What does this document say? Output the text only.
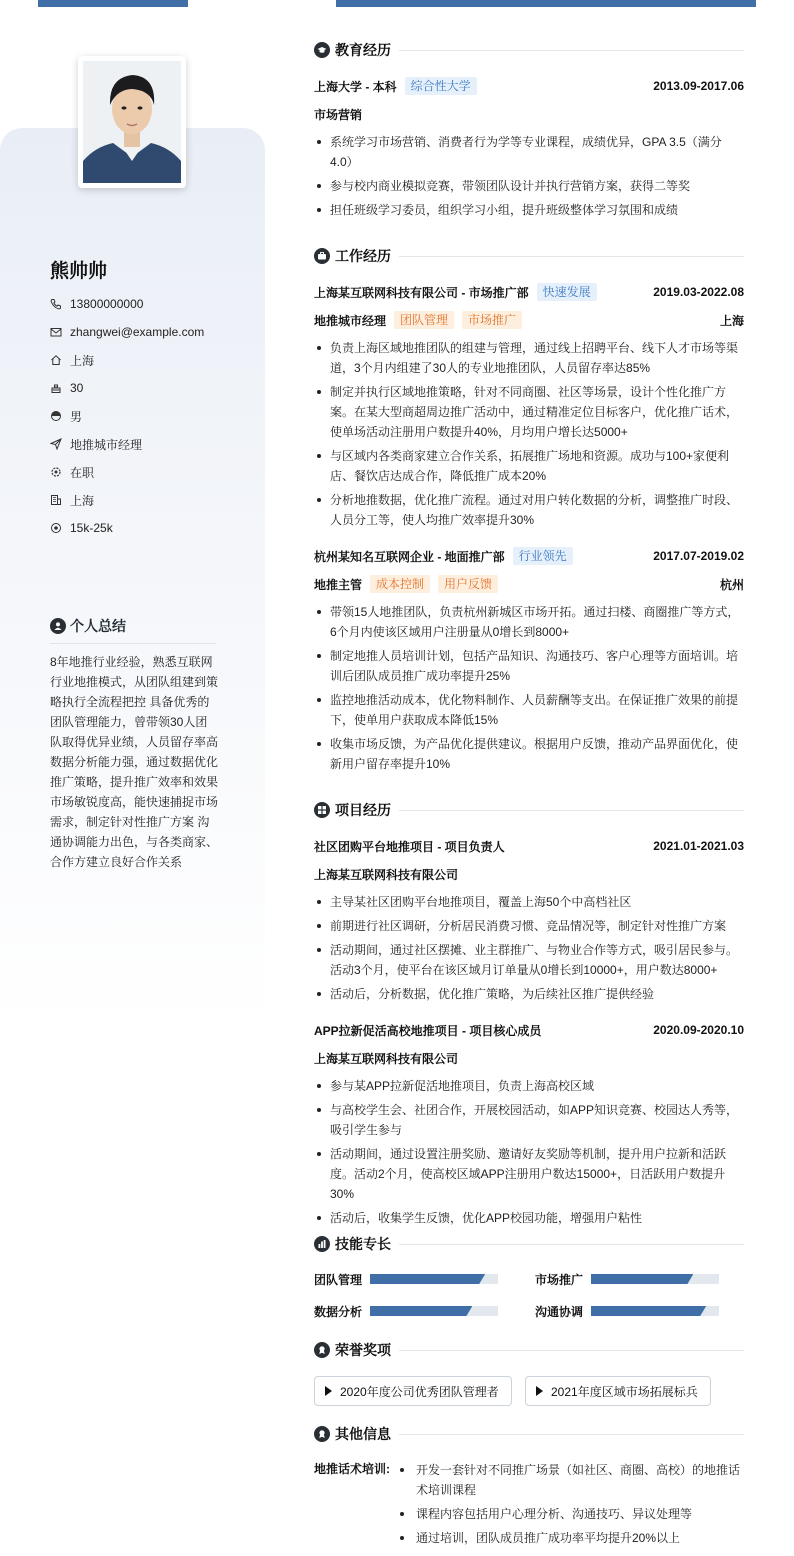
熊帅帅
13800000000
zhangwei@example.com
上海
30
男
地推城市经理
在职
上海
15k-25k
个人总结
8年地推行业经验，熟悉互联网行业地推模式，从团队组建到策略执行全流程把控 具备优秀的团队管理能力，曾带领30人团队取得优异业绩，人员留存率高 数据分析能力强，通过数据优化推广策略，提升推广效率和效果 市场敏锐度高，能快速捕捉市场需求，制定针对性推广方案 沟通协调能力出色，与各类商家、合作方建立良好合作关系
教育经历
上海大学 - 本科	综合性大学	2013.09-2017.06
市场营销
系统学习市场营销、消费者行为学等专业课程，成绩优异，GPA 3.5（满分4.0）
参与校内商业模拟竞赛，带领团队设计并执行营销方案，获得二等奖
担任班级学习委员，组织学习小组，提升班级整体学习氛围和成绩
工作经历
上海某互联网科技有限公司 - 市场推广部	快速发展	2019.03-2022.08
地推城市经理	团队管理	市场推广	上海
负责上海区域地推团队的组建与管理，通过线上招聘平台、线下人才市场等渠道，3个月内组建了30人的专业地推团队，人员留存率达85%
制定并执行区域地推策略，针对不同商圈、社区等场景，设计个性化推广方案。在某大型商超周边推广活动中，通过精准定位目标客户，优化推广话术，使单场活动注册用户数提升40%，月均用户增长达5000+
与区域内各类商家建立合作关系，拓展推广场地和资源。成功与100+家便利店、餐饮店达成合作，降低推广成本20%
分析地推数据，优化推广流程。通过对用户转化数据的分析，调整推广时段、人员分工等，使人均推广效率提升30%
杭州某知名互联网企业 - 地面推广部	行业领先	2017.07-2019.02
地推主管	成本控制	用户反馈	杭州
带领15人地推团队，负责杭州新城区市场开拓。通过扫楼、商圈推广等方式，6个月内使该区域用户注册量从0增长到8000+
制定地推人员培训计划，包括产品知识、沟通技巧、客户心理等方面培训。培训后团队成员推广成功率提升25%
监控地推活动成本，优化物料制作、人员薪酬等支出。在保证推广效果的前提下，使单用户获取成本降低15%
收集市场反馈，为产品优化提供建议。根据用户反馈，推动产品界面优化，使新用户留存率提升10%
项目经历
社区团购平台地推项目 - 项目负责人	2021.01-2021.03
上海某互联网科技有限公司
主导某社区团购平台地推项目，覆盖上海50个中高档社区
前期进行社区调研，分析居民消费习惯、竞品情况等，制定针对性推广方案
活动期间，通过社区摆摊、业主群推广、与物业合作等方式，吸引居民参与。活动3个月，使平台在该区域月订单量从0增长到10000+，用户数达8000+
活动后，分析数据，优化推广策略，为后续社区推广提供经验
APP拉新促活高校地推项目 - 项目核心成员	2020.09-2020.10
上海某互联网科技有限公司
参与某APP拉新促活地推项目，负责上海高校区域
与高校学生会、社团合作，开展校园活动，如APP知识竞赛、校园达人秀等，吸引学生参与
活动期间，通过设置注册奖励、邀请好友奖励等机制，提升用户拉新和活跃度。活动2个月，使高校区域APP注册用户数达15000+，日活跃用户数提升30%
活动后，收集学生反馈，优化APP校园功能，增强用户粘性
技能专长
团队管理	市场推广
数据分析	沟通协调
荣誉奖项
2020年度公司优秀团队管理者	2021年度区域市场拓展标兵
其他信息
地推话术培训:	开发一套针对不同推广场景（如社区、商圈、高校）的地推话术培训课程
课程内容包括用户心理分析、沟通技巧、异议处理等
通过培训，团队成员推广成功率平均提升20%以上
